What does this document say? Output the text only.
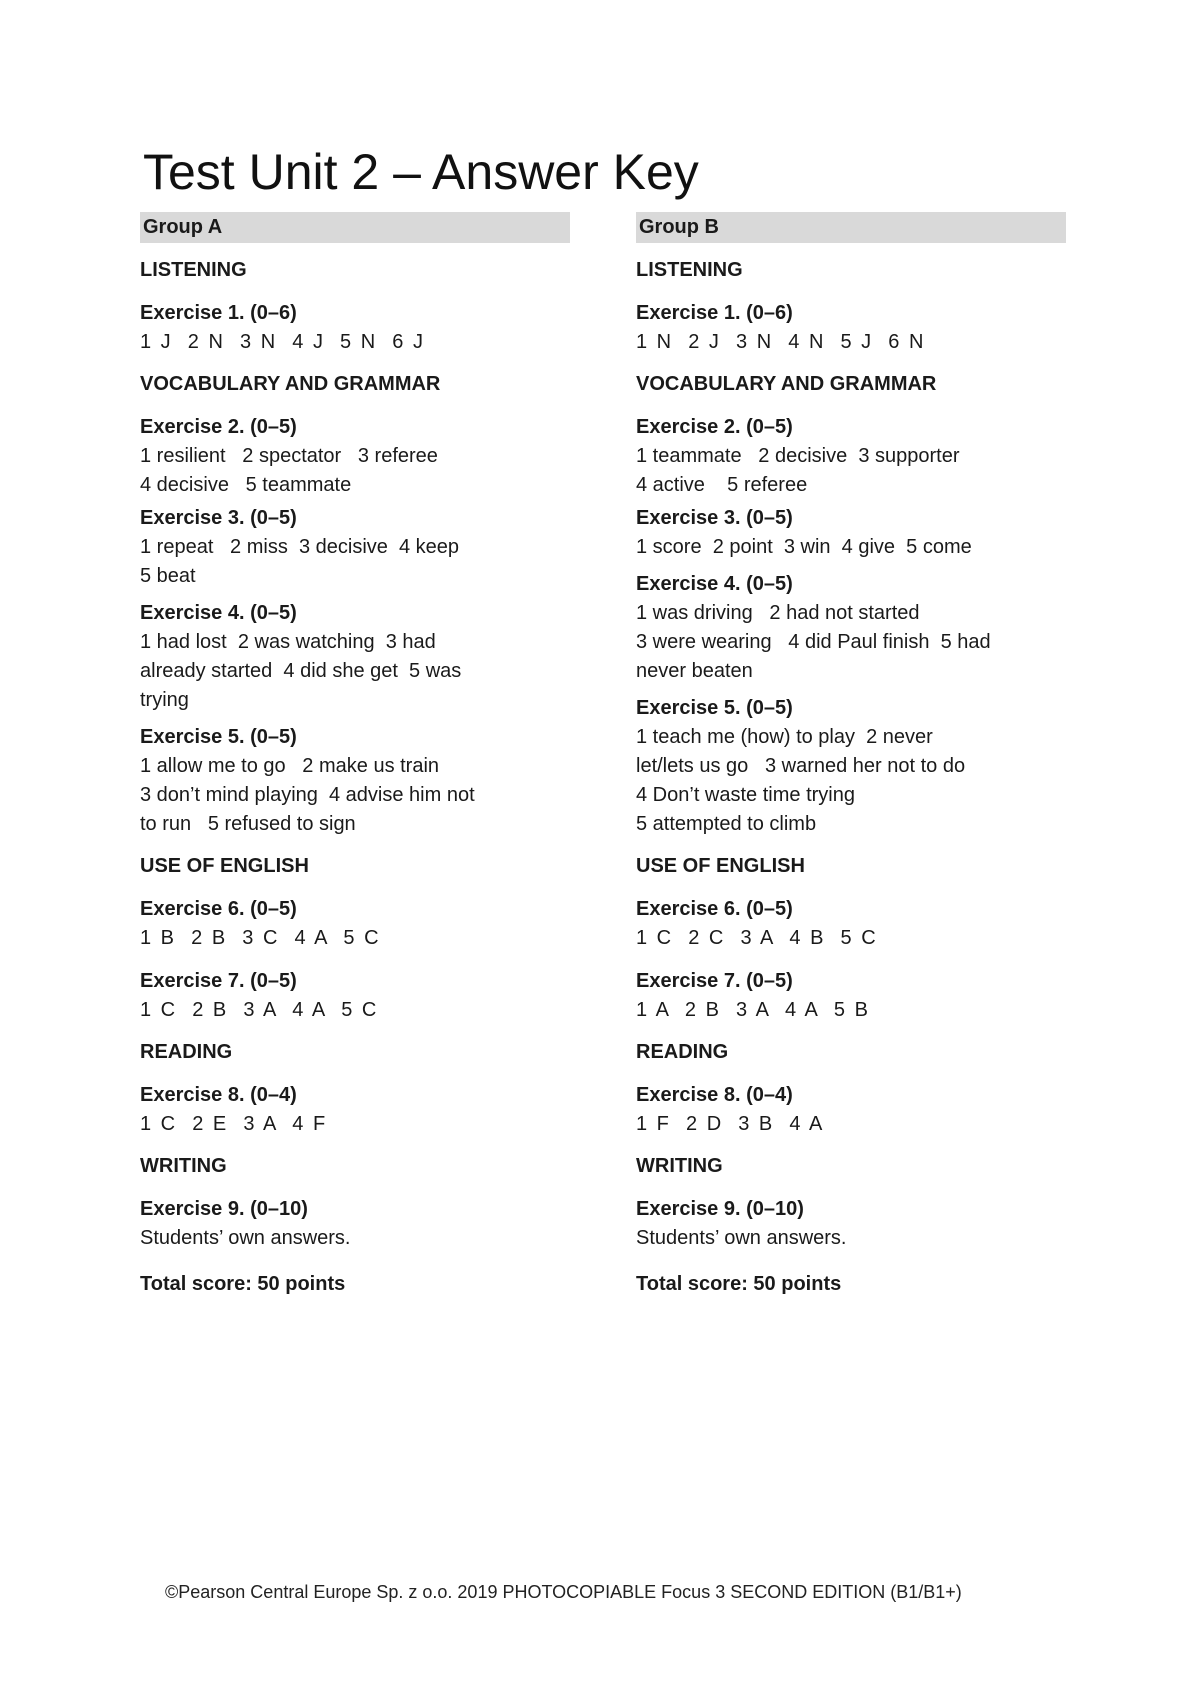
Test Unit 2 – Answer Key
Group A
LISTENING
Exercise 1. (0–6)
1 J  2 N  3 N  4 J  5 N  6 J
VOCABULARY AND GRAMMAR
Exercise 2. (0–5)
1 resilient   2 spectator   3 referee
4 decisive   5 teammate
Exercise 3. (0–5)
1 repeat   2 miss  3 decisive  4 keep
5 beat
Exercise 4. (0–5)
1 had lost  2 was watching  3 had
already started  4 did she get  5 was
trying
Exercise 5. (0–5)
1 allow me to go   2 make us train
3 don’t mind playing  4 advise him not
to run   5 refused to sign
USE OF ENGLISH
Exercise 6. (0–5)
1 B  2 B  3 C  4 A  5 C
Exercise 7. (0–5)
1 C  2 B  3 A  4 A  5 C
READING
Exercise 8. (0–4)
1 C  2 E  3 A  4 F
WRITING
Exercise 9. (0–10)
Students’ own answers.
Total score: 50 points
Group B
LISTENING
Exercise 1. (0–6)
1 N  2 J  3 N  4 N  5 J  6 N
VOCABULARY AND GRAMMAR
Exercise 2. (0–5)
1 teammate   2 decisive  3 supporter
4 active    5 referee
Exercise 3. (0–5)
1 score  2 point  3 win  4 give  5 come
Exercise 4. (0–5)
1 was driving   2 had not started
3 were wearing   4 did Paul finish  5 had
never beaten
Exercise 5. (0–5)
1 teach me (how) to play  2 never
let/lets us go   3 warned her not to do
4 Don’t waste time trying
5 attempted to climb
USE OF ENGLISH
Exercise 6. (0–5)
1 C  2 C  3 A  4 B  5 C
Exercise 7. (0–5)
1 A  2 B  3 A  4 A  5 B
READING
Exercise 8. (0–4)
1 F  2 D  3 B  4 A
WRITING
Exercise 9. (0–10)
Students’ own answers.
Total score: 50 points
©Pearson Central Europe Sp. z o.o. 2019 PHOTOCOPIABLE Focus 3 SECOND EDITION (B1/B1+)
